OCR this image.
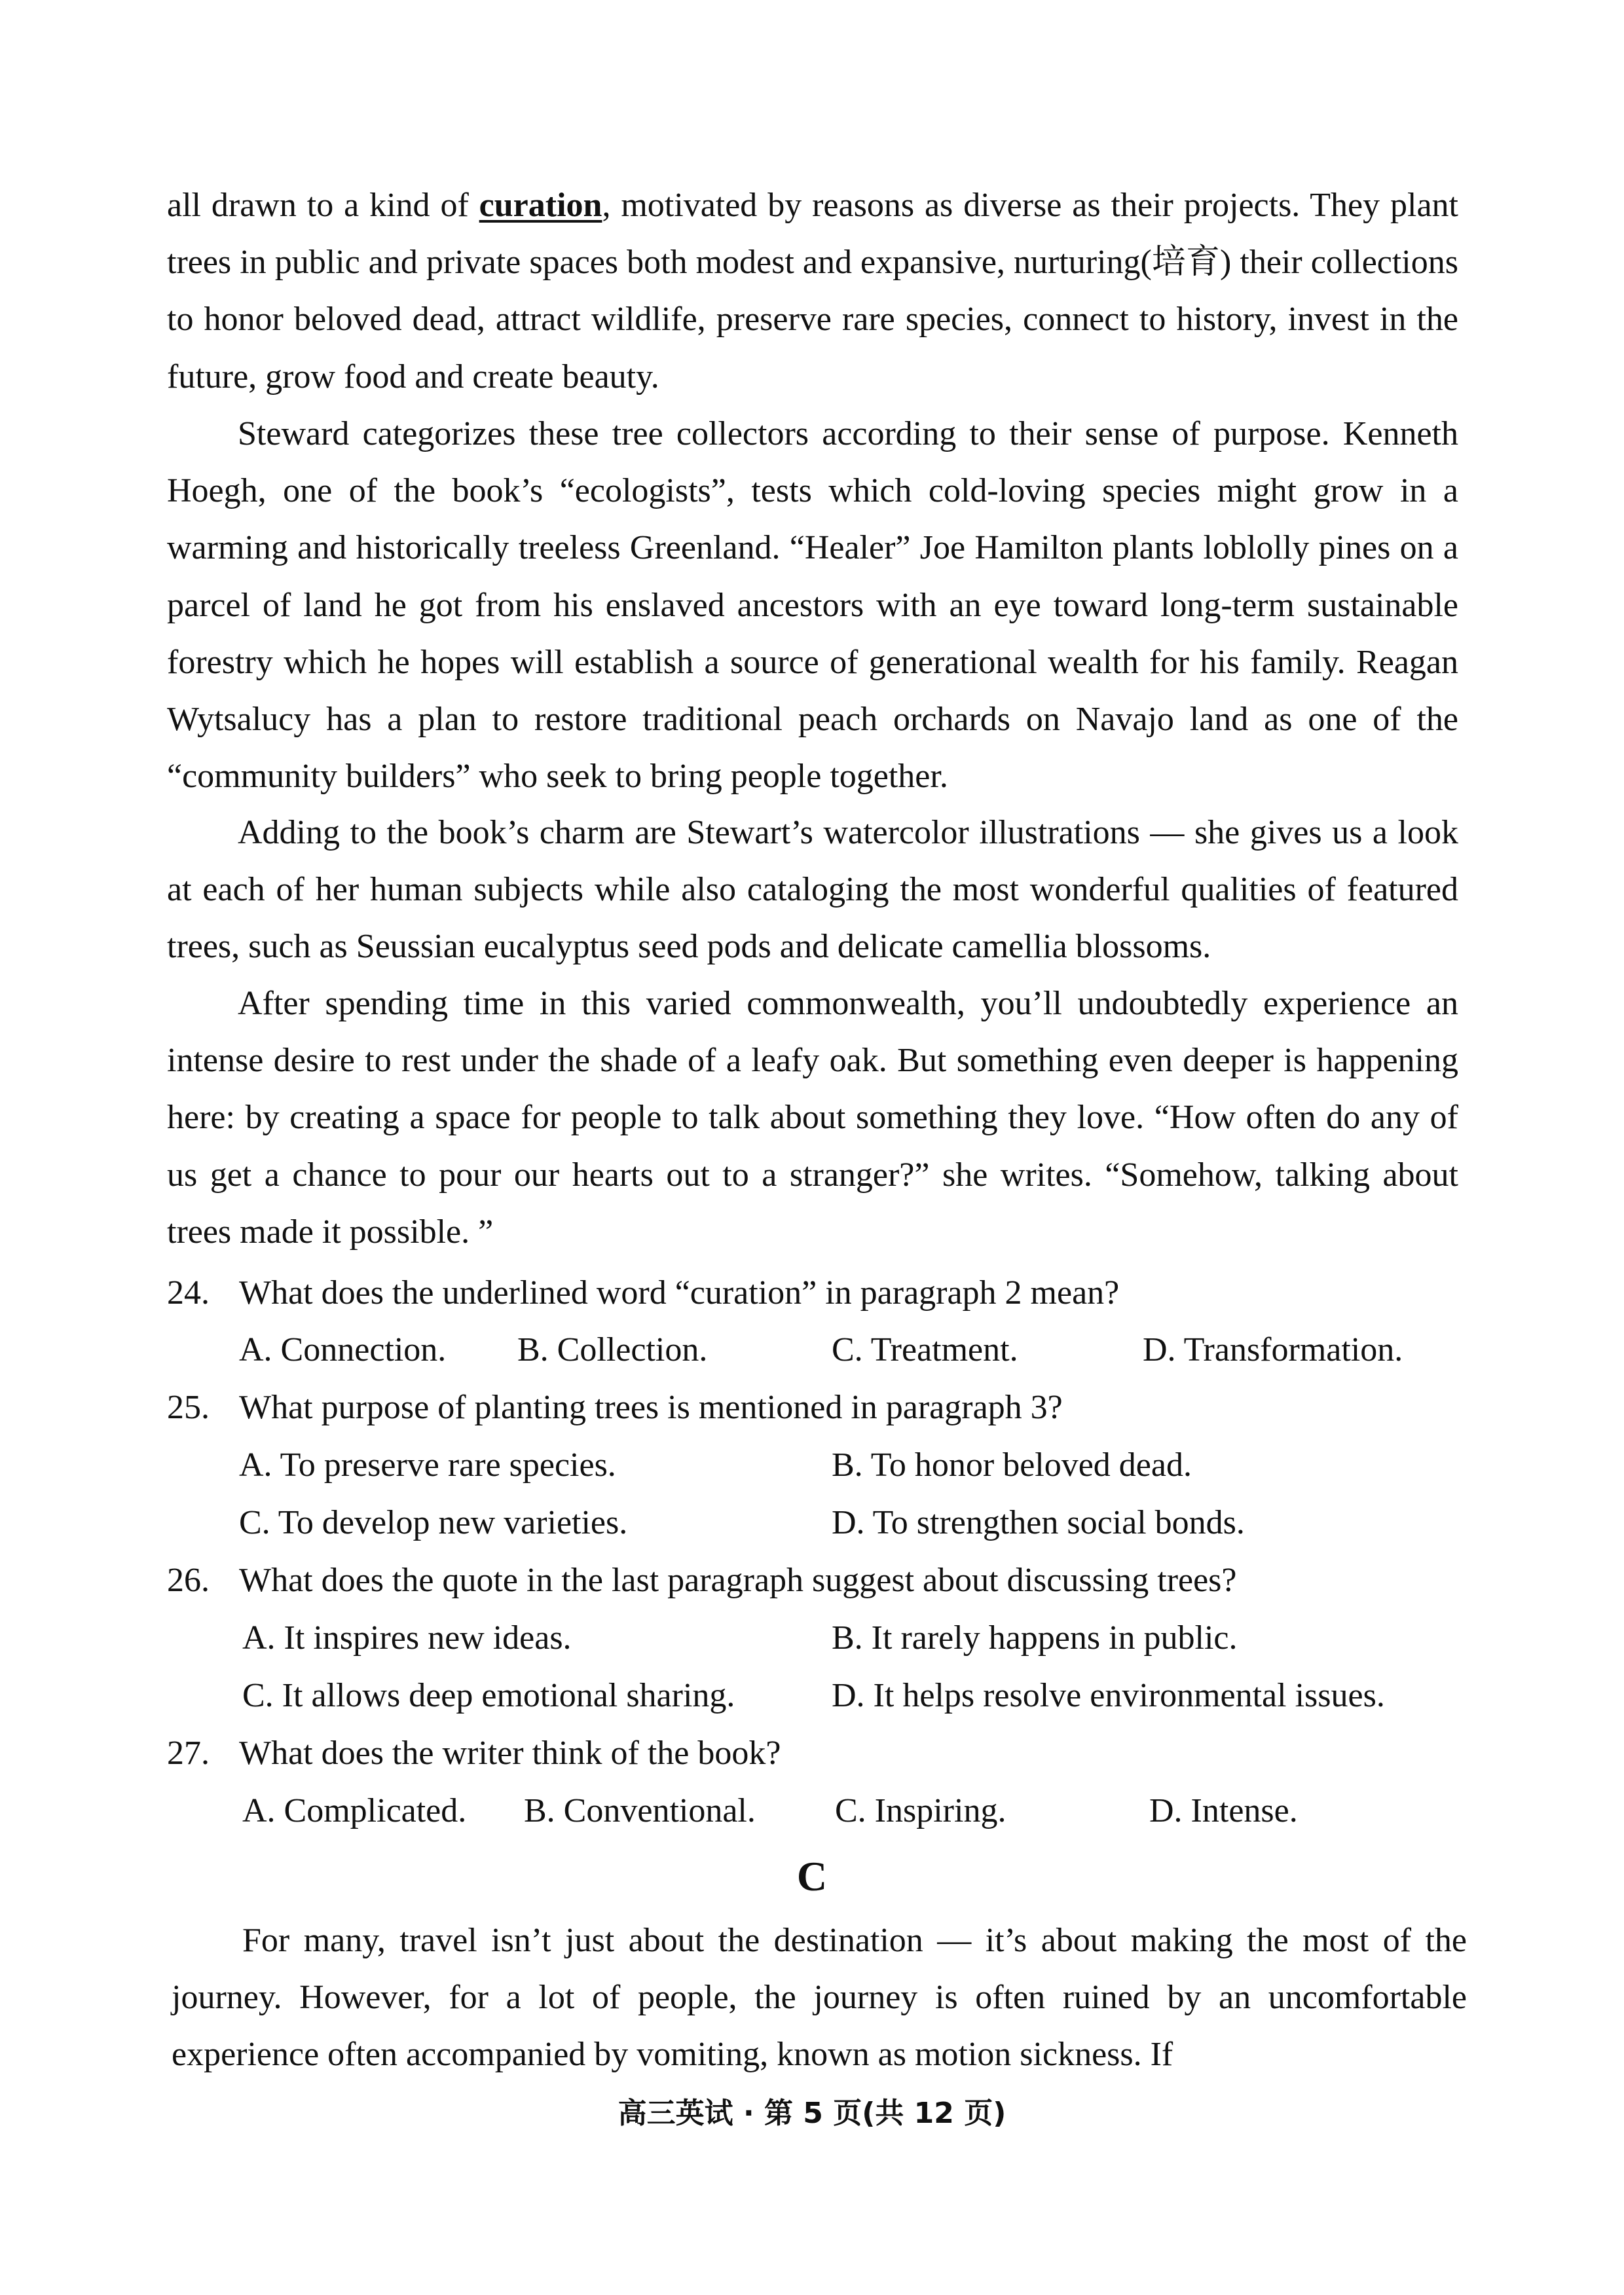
all drawn to a kind of curation, motivated by reasons as diverse as their projects. They plant trees in public and private spaces both modest and expansive, nurturing(培育) their collections to honor beloved dead, attract wildlife, preserve rare species, connect to history, invest in the future, grow food and create beauty.

Steward categorizes these tree collectors according to their sense of purpose. Kenneth Hoegh, one of the book’s “ecologists”, tests which cold-loving species might grow in a warming and historically treeless Greenland. “Healer” Joe Hamilton plants loblolly pines on a parcel of land he got from his enslaved ancestors with an eye toward long-term sustainable forestry which he hopes will establish a source of generational wealth for his family. Reagan Wytsalucy has a plan to restore traditional peach orchards on Navajo land as one of the “community builders” who seek to bring people together.

Adding to the book’s charm are Stewart’s watercolor illustrations — she gives us a look at each of her human subjects while also cataloging the most wonderful qualities of featured trees, such as Seussian eucalyptus seed pods and delicate camellia blossoms.

After spending time in this varied commonwealth, you’ll undoubtedly experience an intense desire to rest under the shade of a leafy oak. But something even deeper is happening here: by creating a space for people to talk about something they love. “How often do any of us get a chance to pour our hearts out to a stranger?” she writes. “Somehow, talking about trees made it possible. ”

24. What does the underlined word “curation” in paragraph 2 mean?
A. Connection. B. Collection.	C. Treatment.	D. Transformation.
25. What purpose of planting trees is mentioned in paragraph 3?
A. To preserve rare species.	B. To honor beloved dead.
C. To develop new varieties.	D. To strengthen social bonds.
26. What does the quote in the last paragraph suggest about discussing trees?
A. It inspires new ideas.	B. It rarely happens in public.
C. It allows deep emotional sharing.	D. It helps resolve environmental issues.
27. What does the writer think of the book?
A. Complicated. B. Conventional. C. Inspiring.	D. Intense.
C

For many, travel isn’t just about the destination — it’s about making the most of the journey. However, for a lot of people, the journey is often ruined by an uncomfortable experience often accompanied by vomiting, known as motion sickness. If

高三英试 · 第 5 页(共 12 页)
